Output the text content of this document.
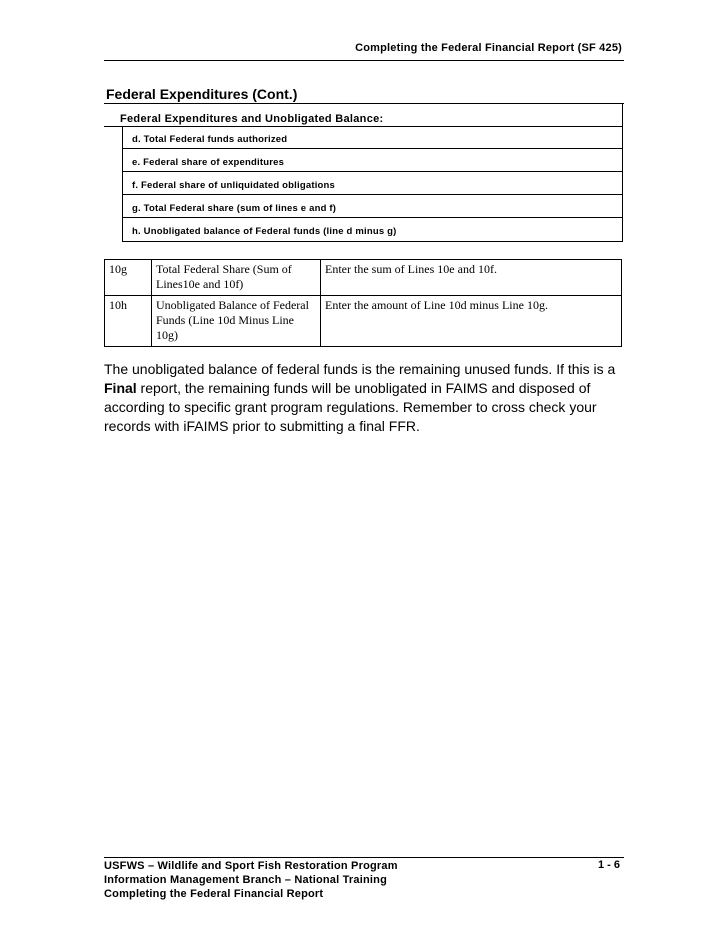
Completing the Federal Financial Report (SF 425)
Federal Expenditures (Cont.)
Federal Expenditures and Unobligated Balance:
d. Total Federal funds authorized
e. Federal share of expenditures
f. Federal share of unliquidated obligations
g. Total Federal share (sum of lines e and f)
h. Unobligated balance of Federal funds (line d minus g)
10g	Total Federal Share (Sum of Lines10e and 10f)	Enter the sum of Lines 10e and 10f.
10h	Unobligated Balance of Federal Funds (Line 10d Minus Line 10g)	Enter the amount of Line 10d minus Line 10g.
The unobligated balance of federal funds is the remaining unused funds. If this is a Final report, the remaining funds will be unobligated in FAIMS and disposed of according to specific grant program regulations. Remember to cross check your records with iFAIMS prior to submitting a final FFR.
USFWS – Wildlife and Sport Fish Restoration Program
Information Management Branch – National Training
Completing the Federal Financial Report
1 - 6
